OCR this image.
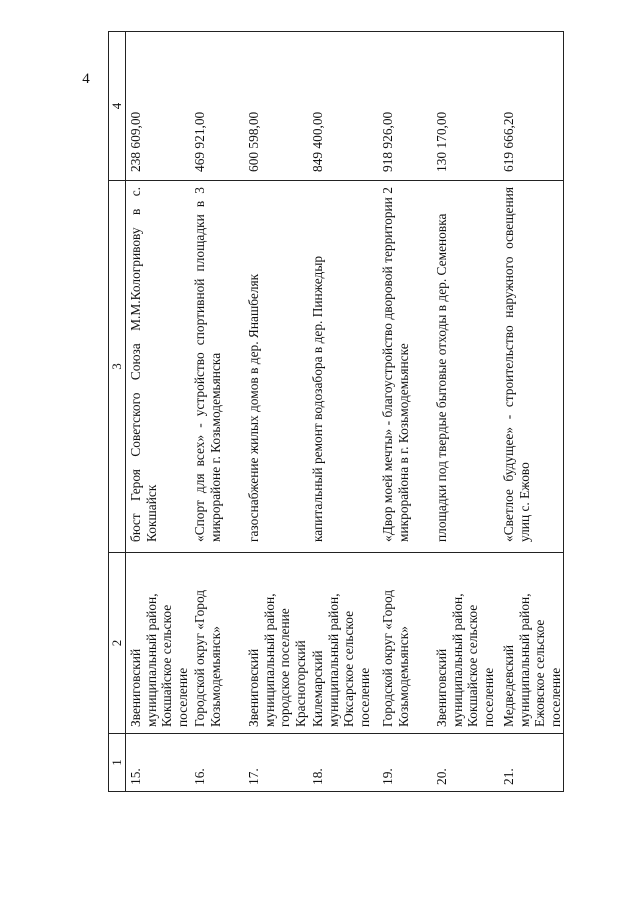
4
1	2	3	4
15.	Звениговский муниципальный район, Кокшайское сельское поселение	бюст Героя Советского Союза М.М.Кологривову в с. Кокшайск	238 609,00
16.	Городской округ «Город Козьмодемьянск»	«Спорт для всех» - устройство спортивной площадки в 3 микрорайоне г. Козьмодемьянска	469 921,00
17.	Звениговский муниципальный район, городское поселение Красногорский	газоснабжение жилых домов в дер. Янашбеляк	600 598,00
18.	Килемарский муниципальный район, Юксарское сельское поселение	капитальный ремонт водозабора в дер. Пинжедыр	849 400,00
19.	Городской округ «Город Козьмодемьянск»	«Двор моей мечты» - благоустройство дворовой территории 2 микрорайона в г. Козьмодемьянске	918 926,00
20.	Звениговский муниципальный район, Кокшайское сельское поселение	площадки под твердые бытовые отходы в дер. Семеновка	130 170,00
21.	Медведевский муниципальный район, Ежовское сельское поселение	«Светлое будущее» - строительство наружного освещения улиц с. Ежово	619 666,20
